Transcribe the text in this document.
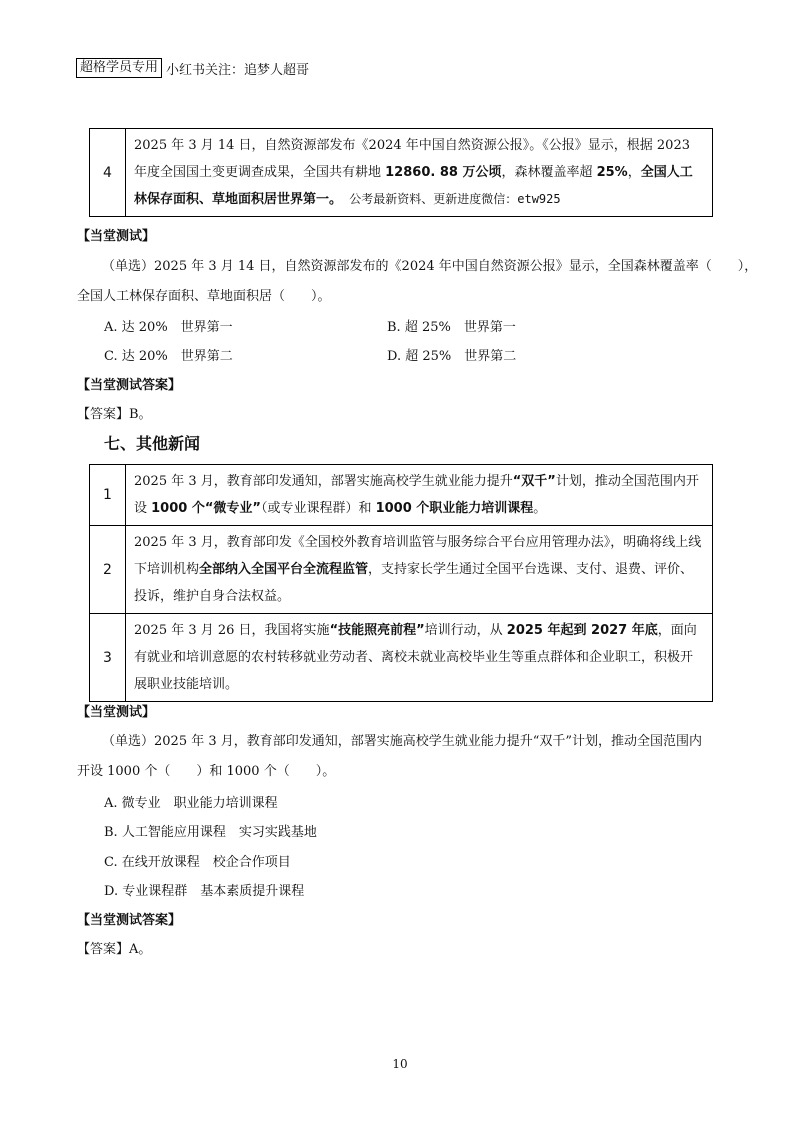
超格学员专用 小红书关注：追梦人超哥
4	2025 年 3 月 14 日，自然资源部发布《2024 年中国自然资源公报》。《公报》显示，根据 2023 年度全国国土变更调查成果，全国共有耕地 12860. 88 万公顷，森林覆盖率超 25%，全国人工林保存面积、草地面积居世界第一。 公考最新资料、更新进度微信：etw925
【当堂测试】
（单选）2025 年 3 月 14 日，自然资源部发布的《2024 年中国自然资源公报》显示，全国森林覆盖率（　　），
全国人工林保存面积、草地面积居（　　）。
A. 达 20%　世界第一	B. 超 25%　世界第一
C. 达 20%　世界第二	D. 超 25%　世界第二
【当堂测试答案】
【答案】B。
七、其他新闻
1	2025 年 3 月，教育部印发通知，部署实施高校学生就业能力提升“双千”计划，推动全国范围内开设 1000 个“微专业”（或专业课程群）和 1000 个职业能力培训课程。
2	2025 年 3 月，教育部印发《全国校外教育培训监管与服务综合平台应用管理办法》，明确将线上线下培训机构全部纳入全国平台全流程监管，支持家长学生通过全国平台选课、支付、退费、评价、投诉，维护自身合法权益。
3	2025 年 3 月 26 日，我国将实施“技能照亮前程”培训行动，从 2025 年起到 2027 年底，面向有就业和培训意愿的农村转移就业劳动者、离校未就业高校毕业生等重点群体和企业职工，积极开展职业技能培训。
【当堂测试】
（单选）2025 年 3 月，教育部印发通知，部署实施高校学生就业能力提升“双千”计划，推动全国范围内
开设 1000 个（　　）和 1000 个（　　）。
A. 微专业　职业能力培训课程
B. 人工智能应用课程　实习实践基地
C. 在线开放课程　校企合作项目
D. 专业课程群　基本素质提升课程
【当堂测试答案】
【答案】A。
10
